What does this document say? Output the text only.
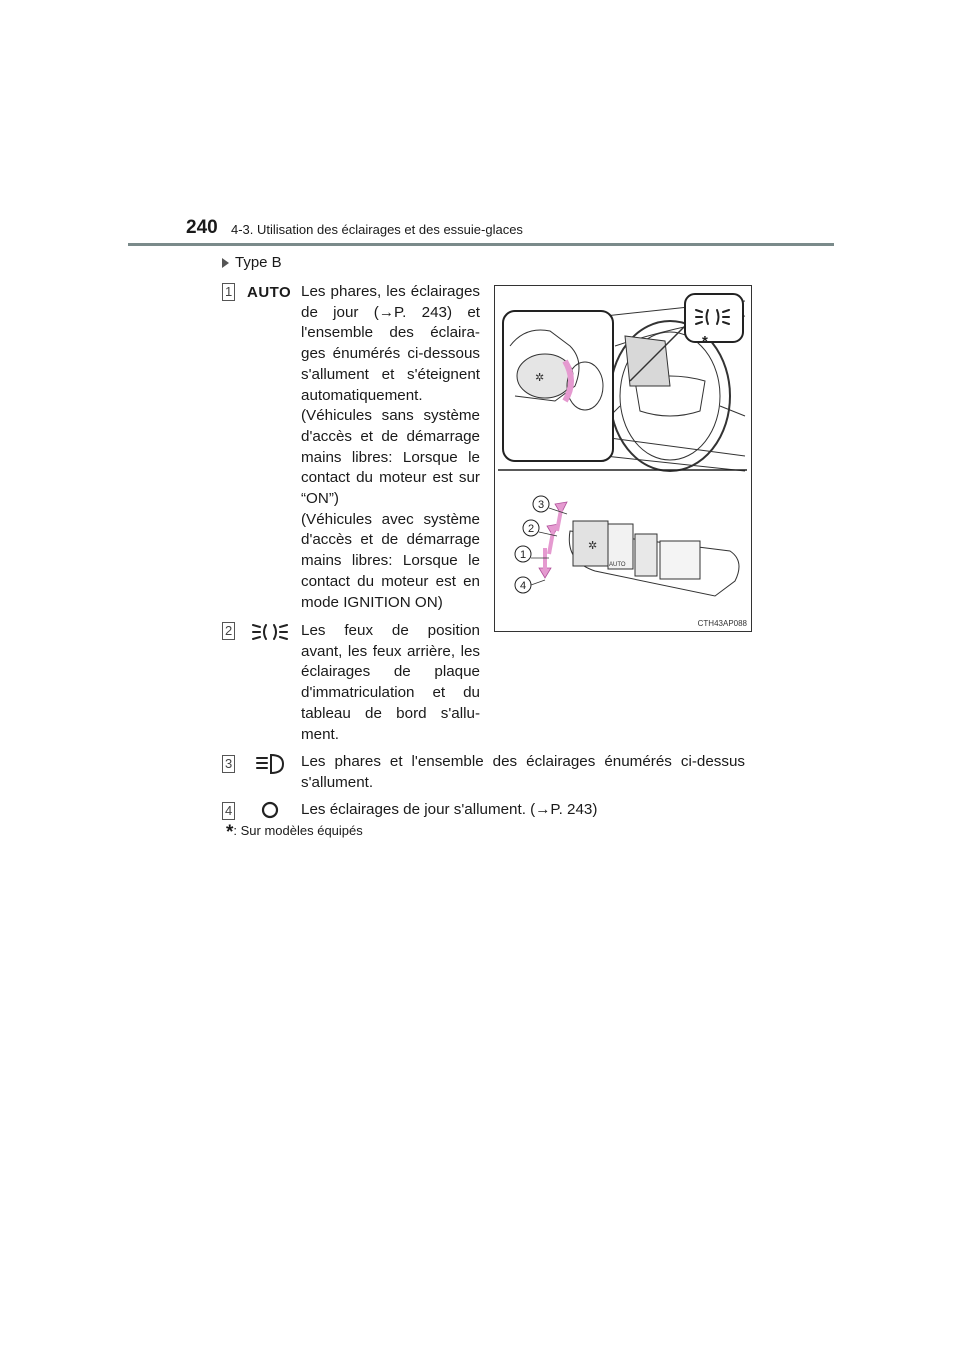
240 4-3. Utilisation des éclairages et des essuie-glaces
Type B
1 AUTO Les phares, les éclairages de jour (→P. 243) et l'ensemble des éclaira-ges énumérés ci-dessous s'allument et s'éteignent automatiquement.
(Véhicules sans système d'accès et de démarrage mains libres: Lorsque le contact du moteur est sur “ON”)
(Véhicules avec système d'accès et de démarrage mains libres: Lorsque le contact du moteur est en mode IGNITION ON)
2	Les feux de position avant, les feux arrière, les éclairages de plaque d'immatriculation et du tableau de bord s'allu-ment.
3	Les phares et l'ensemble des éclairages énumérés ci-dessus s'allument.
4	Les éclairages de jour s'allument. (→P. 243)
*
✲
✲
AUTO
3
2
1
4
CTH43AP088
*: Sur modèles équipés
